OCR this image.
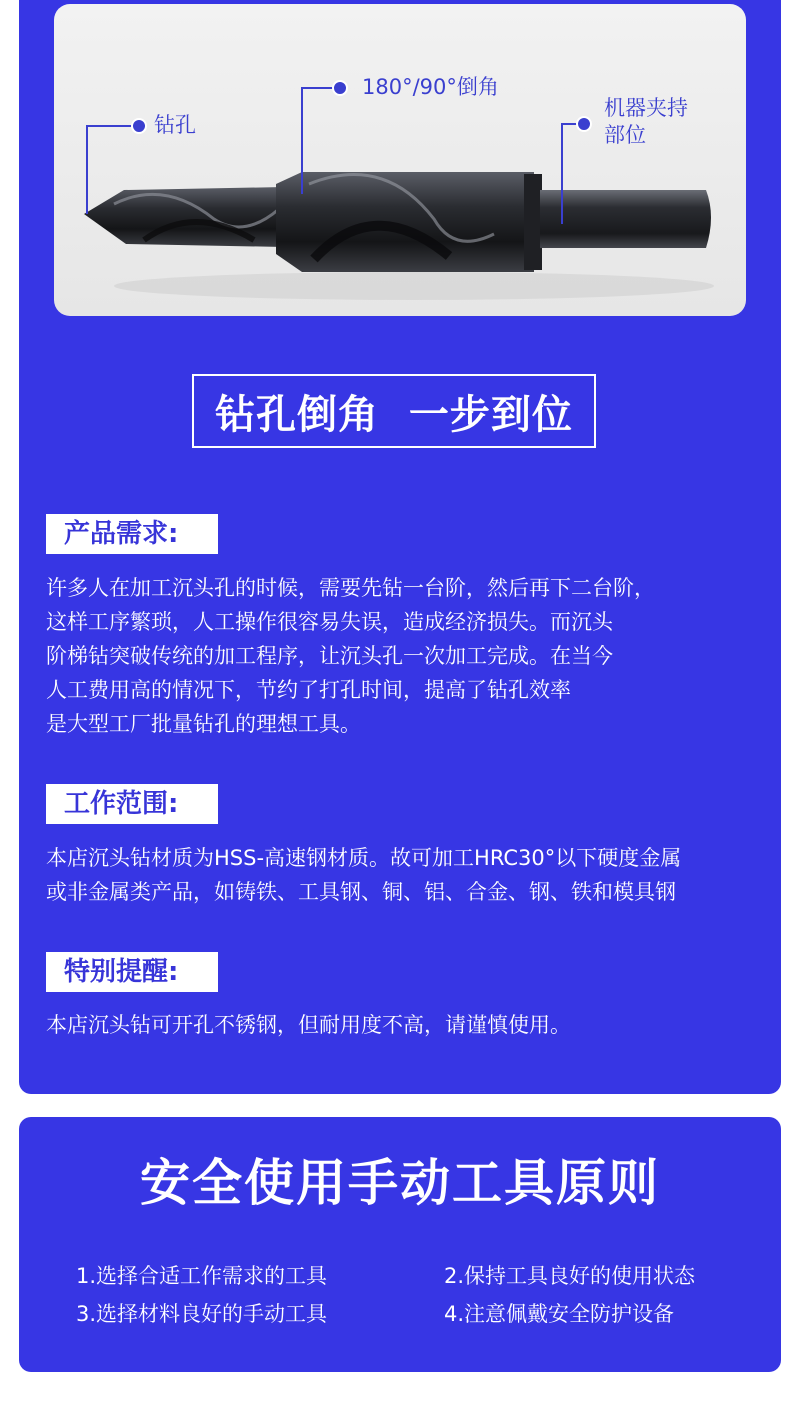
钻孔
180°/90°倒角
机器夹持
部位
钻孔倒角  一步到位
产品需求:
许多人在加工沉头孔的时候，需要先钻一台阶，然后再下二台阶，
这样工序繁琐，人工操作很容易失误，造成经济损失。而沉头
阶梯钻突破传统的加工程序，让沉头孔一次加工完成。在当今
人工费用高的情况下，节约了打孔时间，提高了钻孔效率
是大型工厂批量钻孔的理想工具。
工作范围:
本店沉头钻材质为HSS-高速钢材质。故可加工HRC30°以下硬度金属
或非金属类产品，如铸铁、工具钢、铜、铝、合金、钢、铁和模具钢
特别提醒:
本店沉头钻可开孔不锈钢，但耐用度不高，请谨慎使用。
安全使用手动工具原则
1.选择合适工作需求的工具	2.保持工具良好的使用状态
3.选择材料良好的手动工具	4.注意佩戴安全防护设备
